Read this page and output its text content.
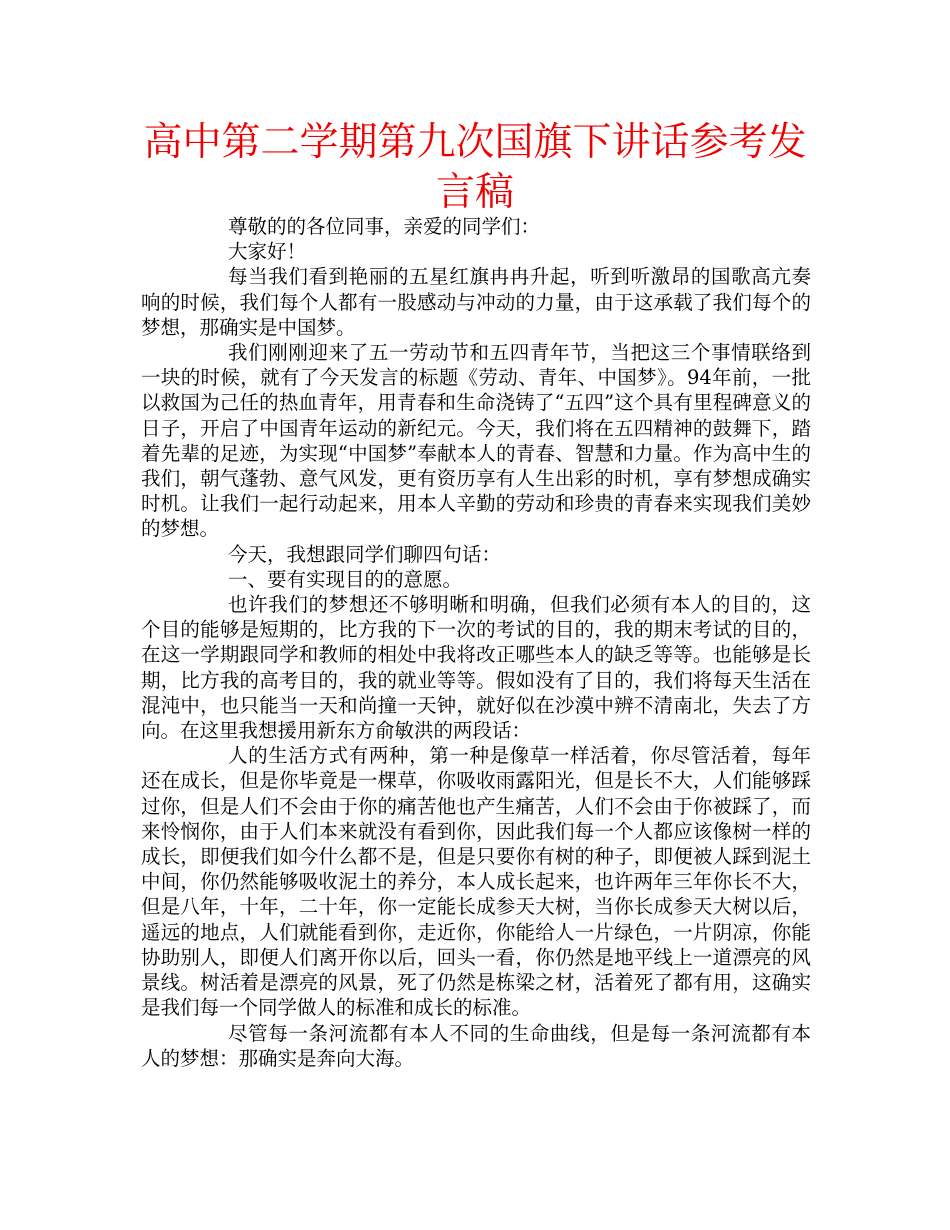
高中第二学期第九次国旗下讲话参考发言稿

尊敬的的各位同事，亲爱的同学们：

大家好！

每当我们看到艳丽的五星红旗冉冉升起，听到听激昂的国歌高亢奏响的时候，我们每个人都有一股感动与冲动的力量，由于这承载了我们每个的梦想，那确实是中国梦。

我们刚刚迎来了五一劳动节和五四青年节，当把这三个事情联络到一块的时候，就有了今天发言的标题《劳动、青年、中国梦》。94年前，一批以救国为己任的热血青年，用青春和生命浇铸了“五四”这个具有里程碑意义的日子，开启了中国青年运动的新纪元。今天，我们将在五四精神的鼓舞下，踏着先辈的足迹，为实现“中国梦”奉献本人的青春、智慧和力量。作为高中生的我们，朝气蓬勃、意气风发，更有资历享有人生出彩的时机，享有梦想成确实时机。让我们一起行动起来，用本人辛勤的劳动和珍贵的青春来实现我们美妙的梦想。

今天，我想跟同学们聊四句话：

一、要有实现目的的意愿。

也许我们的梦想还不够明晰和明确，但我们必须有本人的目的，这个目的能够是短期的，比方我的下一次的考试的目的，我的期末考试的目的，在这一学期跟同学和教师的相处中我将改正哪些本人的缺乏等等。也能够是长期，比方我的高考目的，我的就业等等。假如没有了目的，我们将每天生活在混沌中，也只能当一天和尚撞一天钟，就好似在沙漠中辨不清南北，失去了方向。在这里我想援用新东方俞敏洪的两段话：

人的生活方式有两种，第一种是像草一样活着，你尽管活着，每年还在成长，但是你毕竟是一棵草，你吸收雨露阳光，但是长不大，人们能够踩过你，但是人们不会由于你的痛苦他也产生痛苦，人们不会由于你被踩了，而来怜悯你，由于人们本来就没有看到你，因此我们每一个人都应该像树一样的成长，即便我们如今什么都不是，但是只要你有树的种子，即便被人踩到泥土中间，你仍然能够吸收泥土的养分，本人成长起来，也许两年三年你长不大，但是八年，十年，二十年，你一定能长成参天大树，当你长成参天大树以后，遥远的地点，人们就能看到你，走近你，你能给人一片绿色，一片阴凉，你能协助别人，即便人们离开你以后，回头一看，你仍然是地平线上一道漂亮的风景线。树活着是漂亮的风景，死了仍然是栋梁之材，活着死了都有用，这确实是我们每一个同学做人的标准和成长的标准。

尽管每一条河流都有本人不同的生命曲线，但是每一条河流都有本人的梦想：那确实是奔向大海。
